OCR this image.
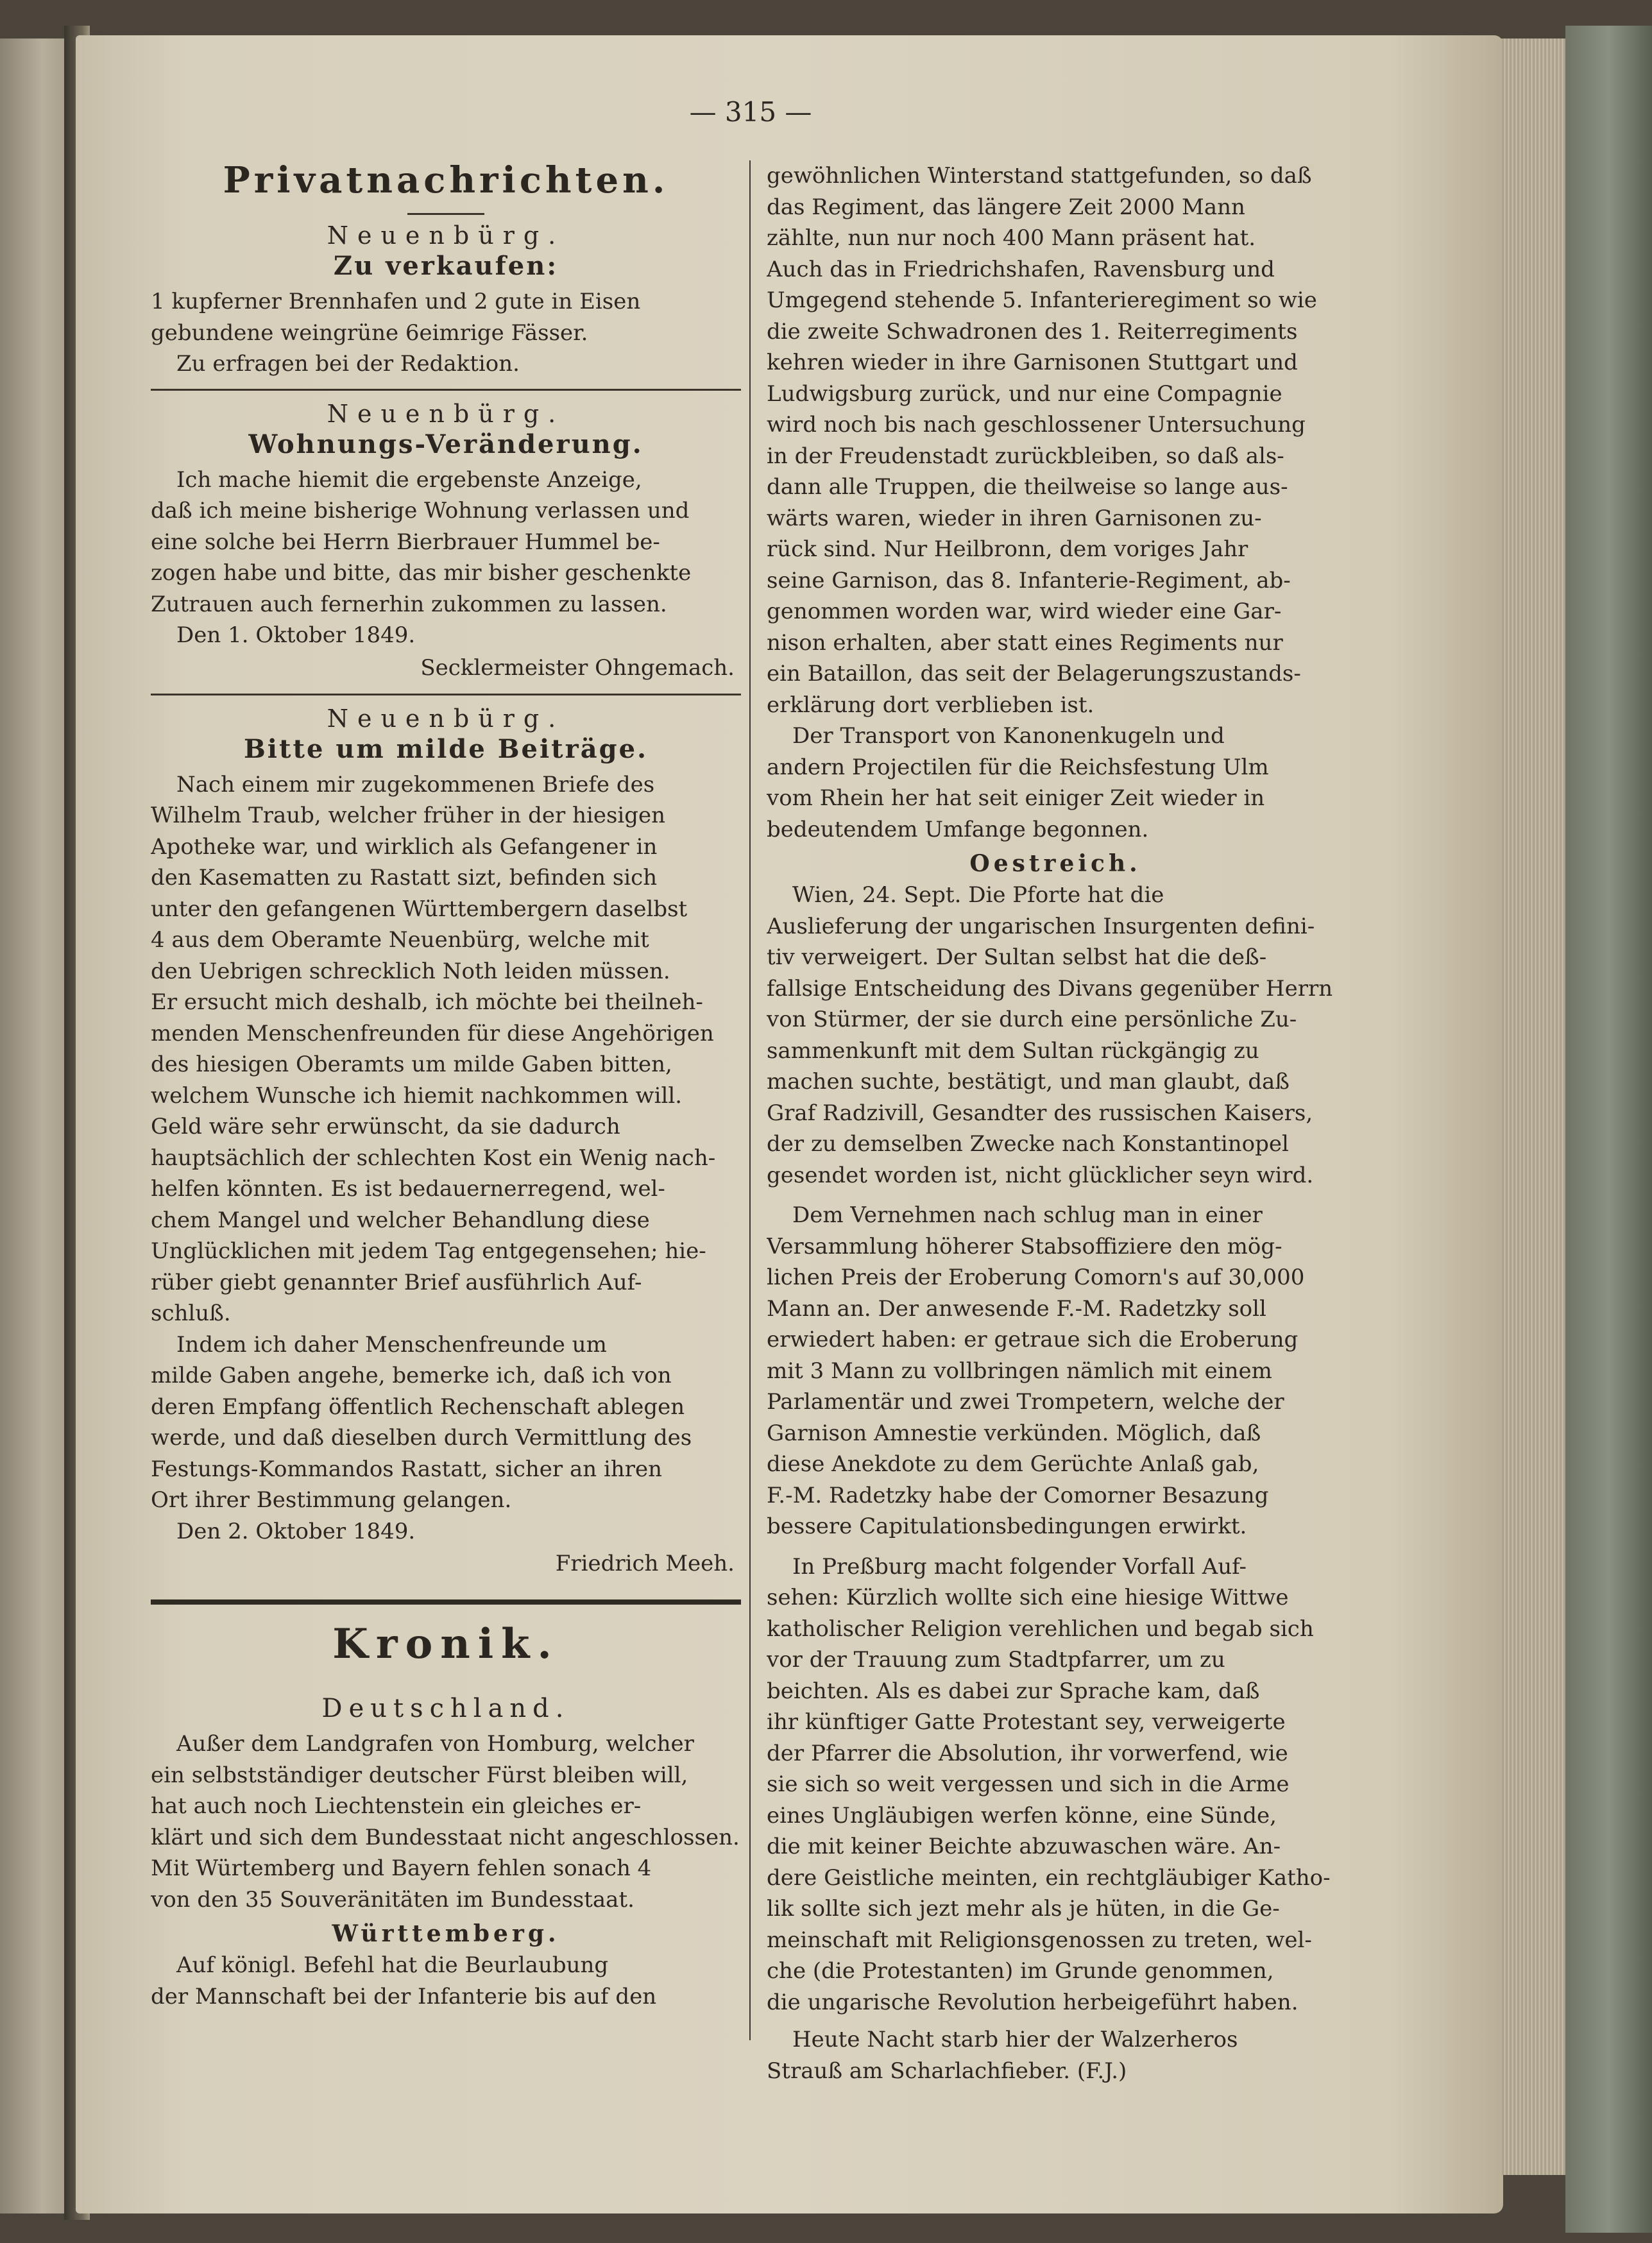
— 315 —
Privatnachrichten.
Neuenbürg.
Zu verkaufen:
1 kupferner Brennhafen und 2 gute in Eisen
gebundene weingrüne 6eimrige Fässer.
Zu erfragen bei der Redaktion.
Neuenbürg.
Wohnungs-Veränderung.
Ich mache hiemit die ergebenste Anzeige,
daß ich meine bisherige Wohnung verlassen und
eine solche bei Herrn Bierbrauer Hummel be-
zogen habe und bitte, das mir bisher geschenkte
Zutrauen auch fernerhin zukommen zu lassen.
Den 1. Oktober 1849.
Secklermeister Ohngemach.
Neuenbürg.
Bitte um milde Beiträge.
Nach einem mir zugekommenen Briefe des
Wilhelm Traub, welcher früher in der hiesigen
Apotheke war, und wirklich als Gefangener in
den Kasematten zu Rastatt sizt, befinden sich
unter den gefangenen Württembergern daselbst
4 aus dem Oberamte Neuenbürg, welche mit
den Uebrigen schrecklich Noth leiden müssen.
Er ersucht mich deshalb, ich möchte bei theilneh-
menden Menschenfreunden für diese Angehörigen
des hiesigen Oberamts um milde Gaben bitten,
welchem Wunsche ich hiemit nachkommen will.
Geld wäre sehr erwünscht, da sie dadurch
hauptsächlich der schlechten Kost ein Wenig nach-
helfen könnten. Es ist bedauernerregend, wel-
chem Mangel und welcher Behandlung diese
Unglücklichen mit jedem Tag entgegensehen; hie-
rüber giebt genannter Brief ausführlich Auf-
schluß.
Indem ich daher Menschenfreunde um
milde Gaben angehe, bemerke ich, daß ich von
deren Empfang öffentlich Rechenschaft ablegen
werde, und daß dieselben durch Vermittlung des
Festungs-Kommandos Rastatt, sicher an ihren
Ort ihrer Bestimmung gelangen.
Den 2. Oktober 1849.
Friedrich Meeh.
Kronik.
Deutschland.
Außer dem Landgrafen von Homburg, welcher
ein selbstständiger deutscher Fürst bleiben will,
hat auch noch Liechtenstein ein gleiches er-
klärt und sich dem Bundesstaat nicht angeschlossen.
Mit Würtemberg und Bayern fehlen sonach 4
von den 35 Souveränitäten im Bundesstaat.
Württemberg.
Auf königl. Befehl hat die Beurlaubung
der Mannschaft bei der Infanterie bis auf den
gewöhnlichen Winterstand stattgefunden, so daß
das Regiment, das längere Zeit 2000 Mann
zählte, nun nur noch 400 Mann präsent hat.
Auch das in Friedrichshafen, Ravensburg und
Umgegend stehende 5. Infanterieregiment so wie
die zweite Schwadronen des 1. Reiterregiments
kehren wieder in ihre Garnisonen Stuttgart und
Ludwigsburg zurück, und nur eine Compagnie
wird noch bis nach geschlossener Untersuchung
in der Freudenstadt zurückbleiben, so daß als-
dann alle Truppen, die theilweise so lange aus-
wärts waren, wieder in ihren Garnisonen zu-
rück sind. Nur Heilbronn, dem voriges Jahr
seine Garnison, das 8. Infanterie-Regiment, ab-
genommen worden war, wird wieder eine Gar-
nison erhalten, aber statt eines Regiments nur
ein Bataillon, das seit der Belagerungszustands-
erklärung dort verblieben ist.
Der Transport von Kanonenkugeln und
andern Projectilen für die Reichsfestung Ulm
vom Rhein her hat seit einiger Zeit wieder in
bedeutendem Umfange begonnen.
Oestreich.
Wien, 24. Sept. Die Pforte hat die
Auslieferung der ungarischen Insurgenten defini-
tiv verweigert. Der Sultan selbst hat die deß-
fallsige Entscheidung des Divans gegenüber Herrn
von Stürmer, der sie durch eine persönliche Zu-
sammenkunft mit dem Sultan rückgängig zu
machen suchte, bestätigt, und man glaubt, daß
Graf Radzivill, Gesandter des russischen Kaisers,
der zu demselben Zwecke nach Konstantinopel
gesendet worden ist, nicht glücklicher seyn wird.
Dem Vernehmen nach schlug man in einer
Versammlung höherer Stabsoffiziere den mög-
lichen Preis der Eroberung Comorn's auf 30,000
Mann an. Der anwesende F.-M. Radetzky soll
erwiedert haben: er getraue sich die Eroberung
mit 3 Mann zu vollbringen nämlich mit einem
Parlamentär und zwei Trompetern, welche der
Garnison Amnestie verkünden. Möglich, daß
diese Anekdote zu dem Gerüchte Anlaß gab,
F.-M. Radetzky habe der Comorner Besazung
bessere Capitulationsbedingungen erwirkt.
In Preßburg macht folgender Vorfall Auf-
sehen: Kürzlich wollte sich eine hiesige Wittwe
katholischer Religion verehlichen und begab sich
vor der Trauung zum Stadtpfarrer, um zu
beichten. Als es dabei zur Sprache kam, daß
ihr künftiger Gatte Protestant sey, verweigerte
der Pfarrer die Absolution, ihr vorwerfend, wie
sie sich so weit vergessen und sich in die Arme
eines Ungläubigen werfen könne, eine Sünde,
die mit keiner Beichte abzuwaschen wäre. An-
dere Geistliche meinten, ein rechtgläubiger Katho-
lik sollte sich jezt mehr als je hüten, in die Ge-
meinschaft mit Religionsgenossen zu treten, wel-
che (die Protestanten) im Grunde genommen,
die ungarische Revolution herbeigeführt haben.
Heute Nacht starb hier der Walzerheros
Strauß am Scharlachfieber. (F.J.)
